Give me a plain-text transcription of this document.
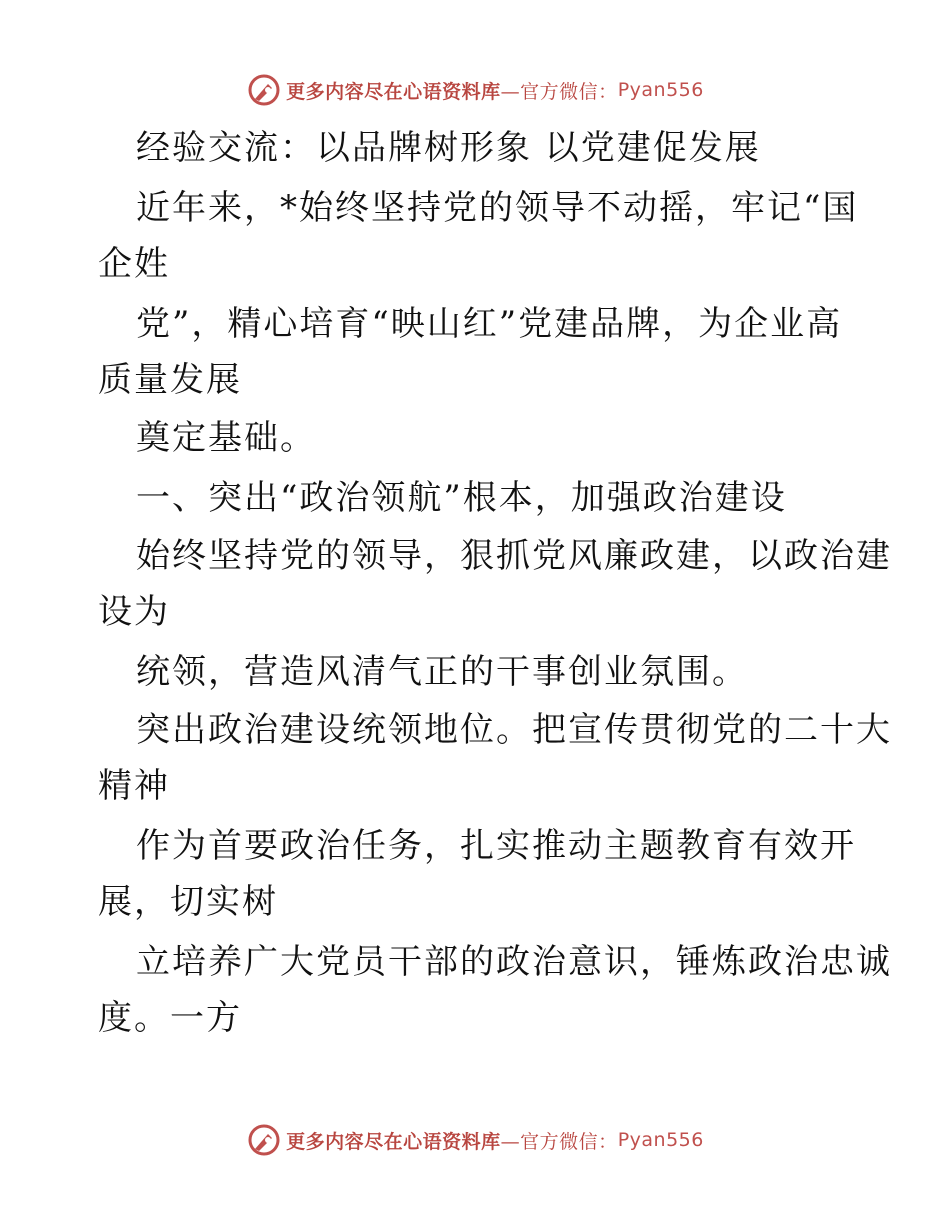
更多内容尽在心语资料库 —官方微信： Pyan556
经验交流：以品牌树形象 以党建促发展
近年来，*始终坚持党的领导不动摇，牢记“国
企姓
党”，精心培育“映山红”党建品牌，为企业高
质量发展
奠定基础。
一、突出“政治领航”根本，加强政治建设
始终坚持党的领导，狠抓党风廉政建，以政治建
设为
统领，营造风清气正的干事创业氛围。
突出政治建设统领地位。把宣传贯彻党的二十大
精神
作为首要政治任务，扎实推动主题教育有效开
展，切实树
立培养广大党员干部的政治意识，锤炼政治忠诚
度。一方
更多内容尽在心语资料库 —官方微信： Pyan556
